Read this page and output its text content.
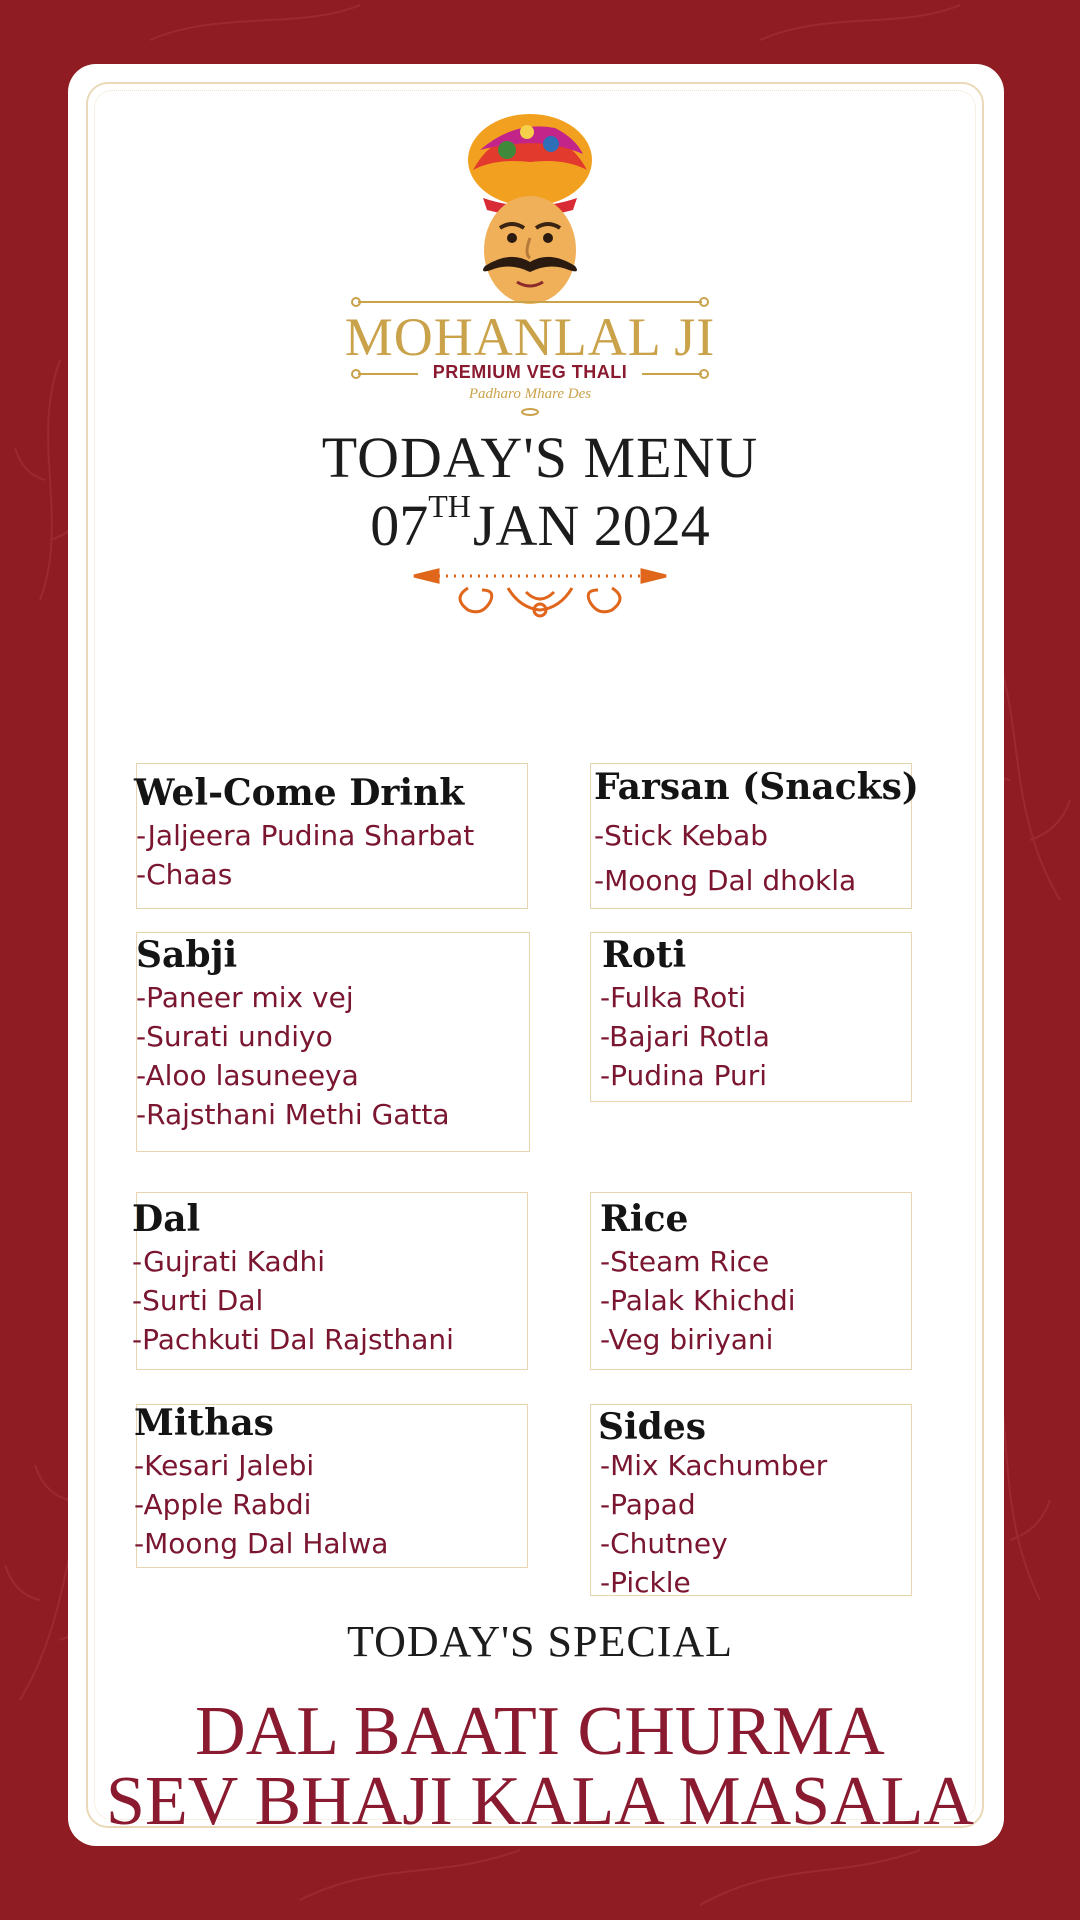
MOHANLAL JI
PREMIUM VEG THALI
Padharo Mhare Des
TODAY'S MENU
07THJAN 2024
Wel-Come Drink
-Jaljeera Pudina Sharbat
-Chaas
Farsan (Snacks)
-Stick Kebab
-Moong Dal dhokla
Sabji
-Paneer mix vej
-Surati undiyo
-Aloo lasuneeya
-Rajsthani Methi Gatta
Roti
-Fulka Roti
-Bajari Rotla
-Pudina Puri
Dal
-Gujrati Kadhi
-Surti Dal
-Pachkuti Dal Rajsthani
Rice
-Steam Rice
-Palak Khichdi
-Veg biriyani
Mithas
-Kesari Jalebi
-Apple Rabdi
-Moong Dal Halwa
Sides
-Mix Kachumber
-Papad
-Chutney
-Pickle
TODAY'S SPECIAL
DAL BAATI CHURMA
SEV BHAJI KALA MASALA
